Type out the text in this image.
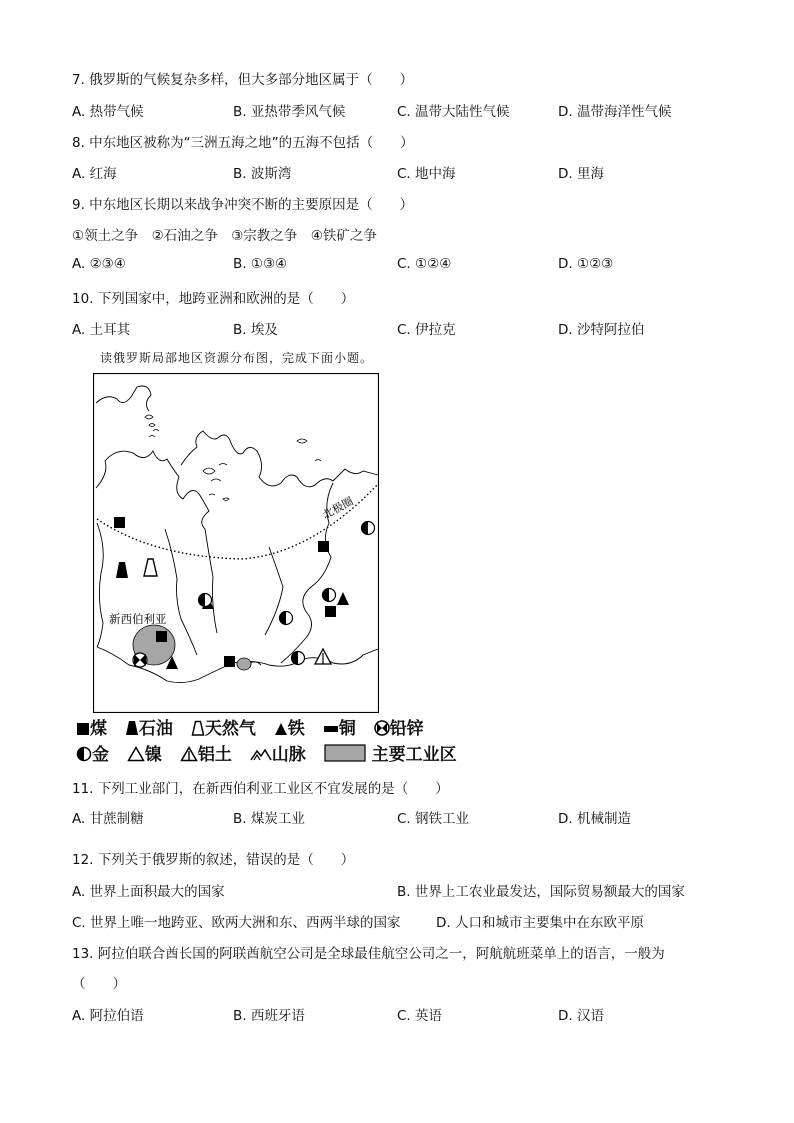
7. 俄罗斯的气候复杂多样，但大多部分地区属于（　　）
A. 热带气候	B. 亚热带季风气候	C. 温带大陆性气候	D. 温带海洋性气候
8. 中东地区被称为“三洲五海之地”的五海不包括（　　）
A. 红海	B. 波斯湾	C. 地中海	D. 里海
9. 中东地区长期以来战争冲突不断的主要原因是（　　）
①领土之争　②石油之争　③宗教之争　④铁矿之争
A. ②③④	B. ①③④	C. ①②④	D. ①②③
10. 下列国家中，地跨亚洲和欧洲的是（　　）
A. 土耳其	B. 埃及	C. 伊拉克	D. 沙特阿拉伯
读俄罗斯局部地区资源分布图，完成下面小题。
北极圈
新西伯利亚
煤 石油 天然气 铁 铜 铅锌
金 镍 铝土 山脉	主要工业区
11. 下列工业部门，在新西伯利亚工业区不宜发展的是（　　）
A. 甘蔗制糖	B. 煤炭工业	C. 钢铁工业	D. 机械制造
12. 下列关于俄罗斯的叙述，错误的是（　　）
A. 世界上面积最大的国家	B. 世界上工农业最发达，国际贸易额最大的国家
C. 世界上唯一地跨亚、欧两大洲和东、西两半球的国家	D. 人口和城市主要集中在东欧平原
13. 阿拉伯联合酋长国的阿联酋航空公司是全球最佳航空公司之一，阿航航班菜单上的语言，一般为
（　　）
A. 阿拉伯语	B. 西班牙语	C. 英语	D. 汉语
